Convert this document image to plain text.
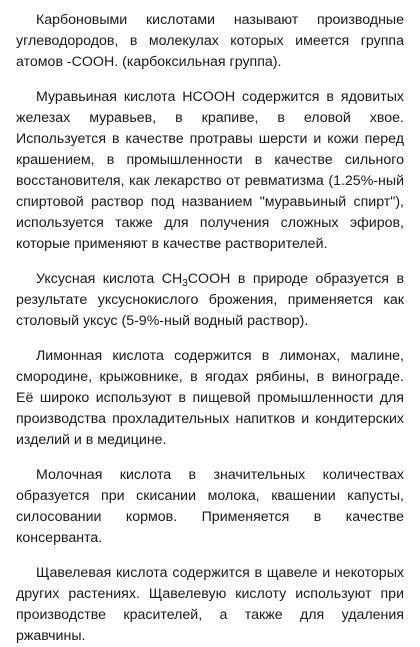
Карбоновыми кислотами называют производные углеводородов, в молекулах которых имеется группа атомов -COOH. (карбоксильная группа).

Муравьиная кислота HCOOH содержится в ядовитых железах муравьев, в крапиве, в еловой хвое. Используется в качестве протравы шерсти и кожи перед крашением, в промышленности в качестве сильного восстановителя, как лекарство от ревматизма (1.25%-ный спиртовой раствор под названием "муравьиный спирт"), используется также для получения сложных эфиров, которые применяют в качестве растворителей.

Уксусная кислота $CH_3COOH$ в природе образуется в результате уксуснокислого брожения, применяется как столовый уксус (5-9%-ный водный раствор).

Лимонная кислота содержится в лимонах, малине, смородине, крыжовнике, в ягодах рябины, в винограде. Её широко используют в пищевой промышленности для производства прохладительных напитков и кондитерских изделий и в медицине.

Молочная кислота в значительных количествах образуется при скисании молока, квашении капусты, силосовании кормов. Применяется в качестве консерванта.

Щавелевая кислота содержится в щавеле и некоторых других растениях. Щавелевую кислоту используют при производстве красителей, а также для удаления ржавчины.
